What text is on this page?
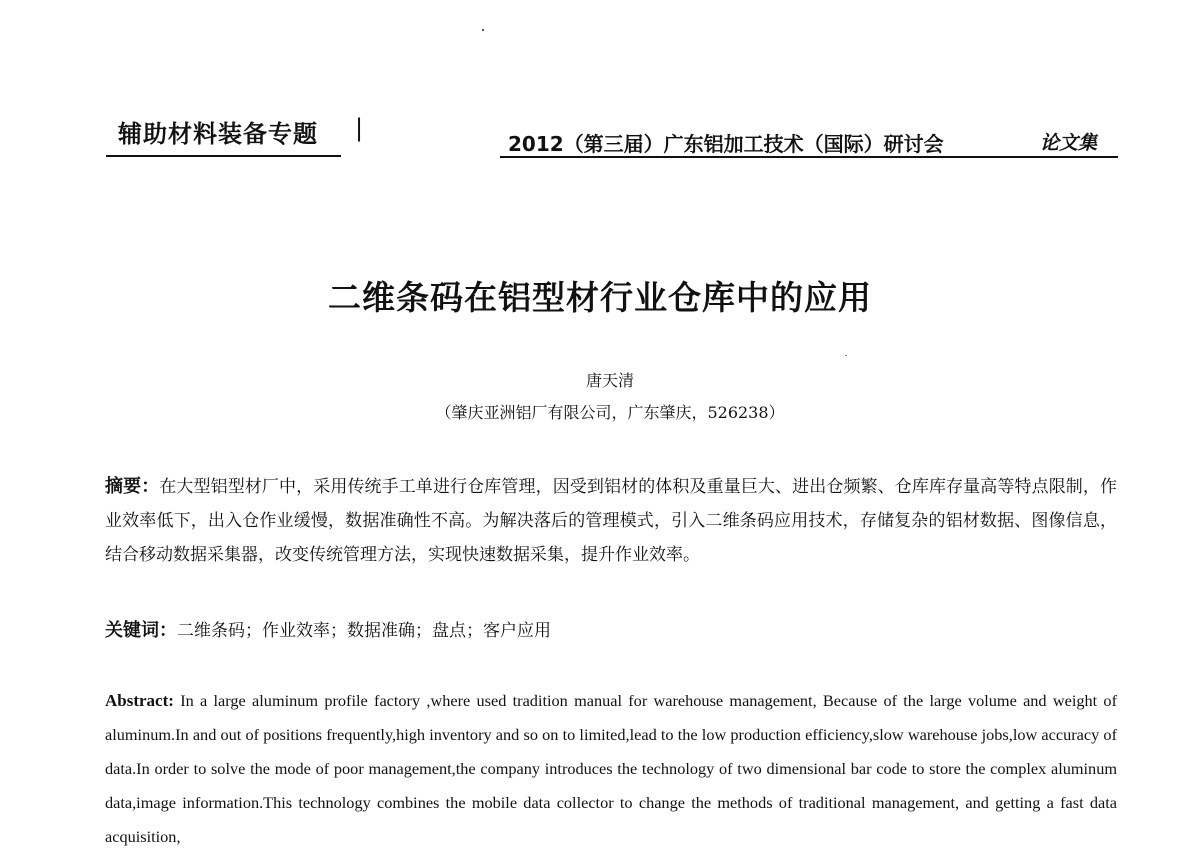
辅助材料装备专题 |
2012（第三届）广东铝加工技术（国际）研讨会	论文集
二维条码在铝型材行业仓库中的应用
唐天清
（肇庆亚洲铝厂有限公司，广东肇庆，526238）
摘要：在大型铝型材厂中，采用传统手工单进行仓库管理，因受到铝材的体积及重量巨大、进出仓频繁、仓库库存量高等特点限制，作业效率低下，出入仓作业缓慢，数据准确性不高。为解决落后的管理模式，引入二维条码应用技术，存储复杂的铝材数据、图像信息，结合移动数据采集器，改变传统管理方法，实现快速数据采集，提升作业效率。
关键词：二维条码；作业效率；数据准确；盘点；客户应用
Abstract: In a large aluminum profile factory ,where used tradition manual for warehouse management, Because of the large volume and weight of aluminum.In and out of positions frequently,high inventory and so on to limited,lead to the low production efficiency,slow warehouse jobs,low accuracy of data.In order to solve the mode of poor management,the company introduces the technology of two dimensional bar code to store the complex aluminum data,image information.This technology combines the mobile data collector to change the methods of traditional management, and getting a fast data acquisition,
